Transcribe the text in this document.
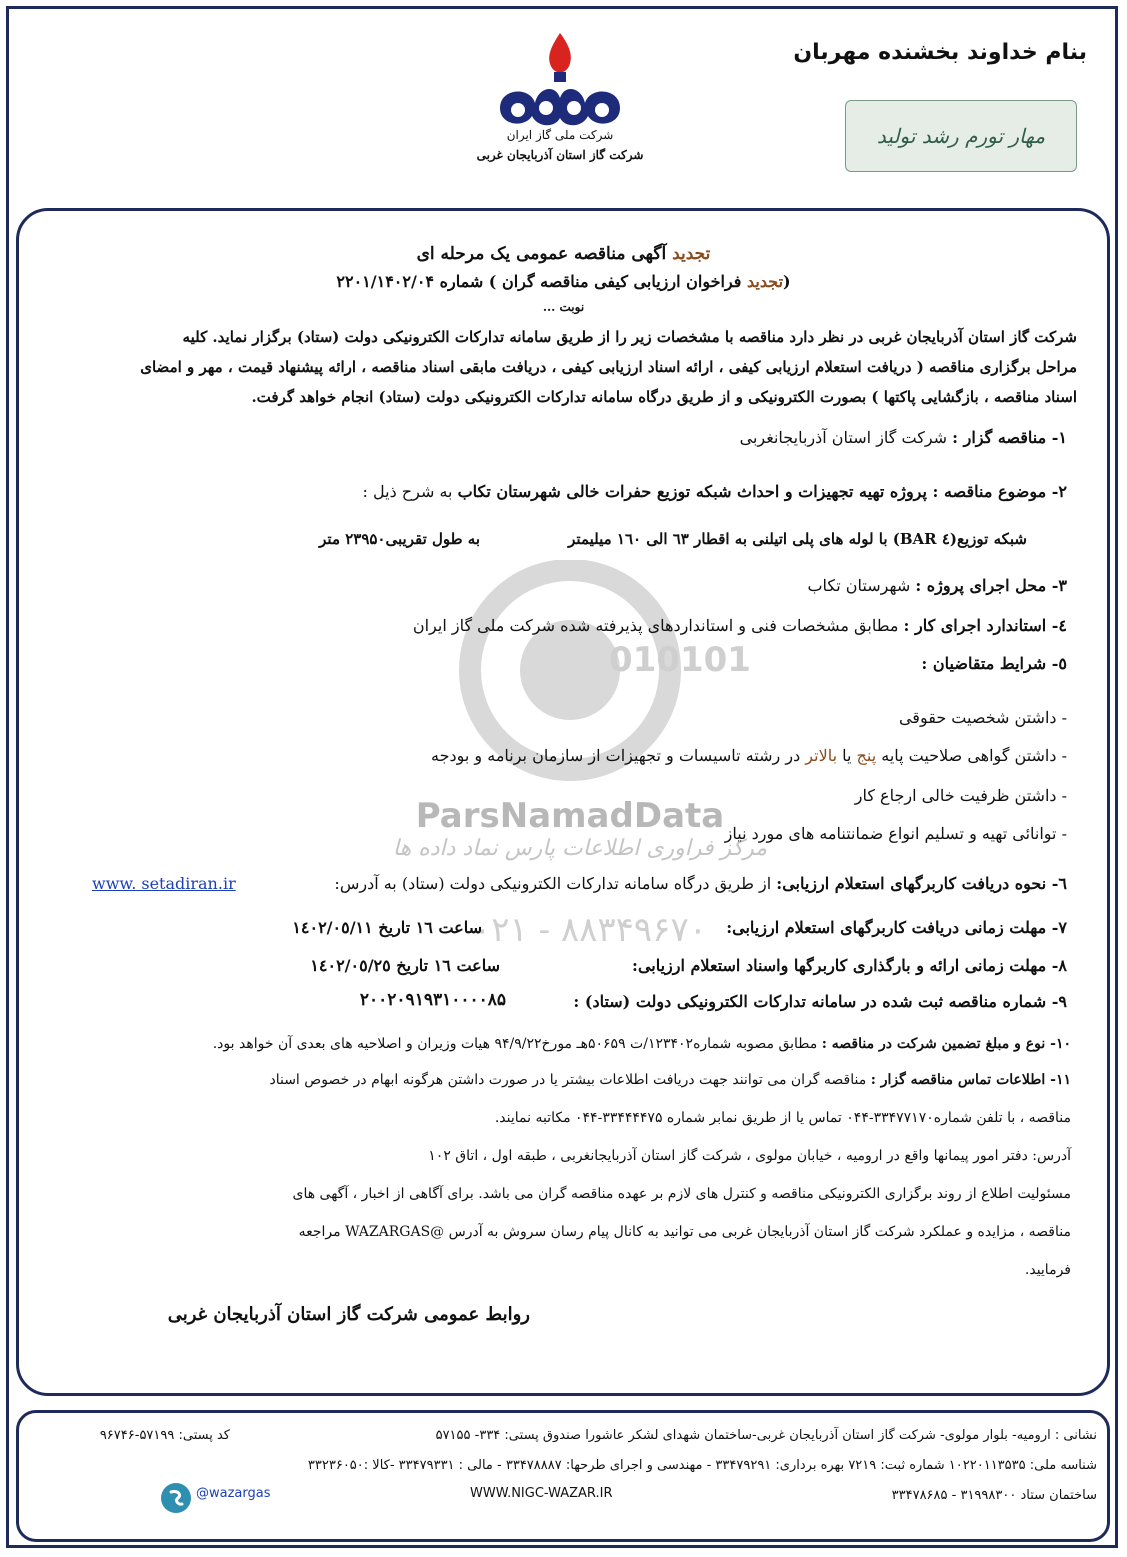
بنام خداوند بخشنده مهربان
مهار تورم رشد تولید
شرکت ملی گاز ایران
شرکت گاز استان آذربایجان غربی
ParsNamadData
مرکز فراوری اطلاعات پارس نماد داده ها
010101
۰۲۱ - ۸۸۳۴۹۶۷۰
تجدید آگهی مناقصه عمومی یک مرحله ای
(تجدید فراخوان ارزیابی کیفی مناقصه گران ) شماره ۲۲۰۱/۱۴۰۲/۰۴
نوبت ...
شرکت گاز استان آذربایجان غربی در نظر دارد مناقصه با مشخصات زیر را از طریق سامانه تدارکات الکترونیکی دولت (ستاد) برگزار نماید. کلیه
مراحل برگزاری مناقصه ( دریافت استعلام ارزیابی کیفی ، ارائه اسناد ارزیابی کیفی ، دریافت مابقی اسناد مناقصه ، ارائه پیشنهاد قیمت ، مهر و امضای
اسناد مناقصه ، بازگشایی پاکتها ) بصورت الکترونیکی و از طریق درگاه سامانه تدارکات الکترونیکی دولت (ستاد) انجام خواهد گرفت.
۱- مناقصه گزار : شرکت گاز استان آذربایجانغربی
۲- موضوع مناقصه : پروژه تهیه تجهیزات و احداث شبکه توزیع حفرات خالی شهرستان تکاب به شرح ذیل :
شبکه توزیع(٤ BAR) با لوله های پلی اتیلنی به اقطار ٦٣ الی ١٦٠ میلیمتر
به طول تقریبی۲۳۹۵۰ متر
۳- محل اجرای پروژه : شهرستان تکاب
٤- استاندارد اجرای کار : مطابق مشخصات فنی و استانداردهای پذیرفته شده شرکت ملی گاز ایران
٥- شرایط متقاضیان :
- داشتن شخصیت حقوقی
- داشتن گواهی صلاحیت پایه پنج یا بالاتر در رشته تاسیسات و تجهیزات از سازمان برنامه و بودجه
- داشتن ظرفیت خالی ارجاع کار
- توانائی تهیه و تسلیم انواع ضمانتنامه های مورد نیاز
٦- نحوه دریافت کاربرگهای استعلام ارزیابی: از طریق درگاه سامانه تدارکات الکترونیکی دولت (ستاد) به آدرس:
www. setadiran.ir
۷- مهلت زمانی دریافت کاربرگهای استعلام ارزیابی:
ساعت ١٦ تاریخ ١٤٠٢/٠٥/١١
۸- مهلت زمانی ارائه و بارگذاری کاربرگها واسناد استعلام ارزیابی:
ساعت ١٦ تاریخ ١٤٠٢/٠٥/٢٥
۹- شماره مناقصه ثبت شده در سامانه تدارکات الکترونیکی دولت (ستاد) :
۲۰۰۲۰۹۱۹۳۱۰۰۰۰۸۵
۱۰- نوع و مبلغ تضمین شرکت در مناقصه : مطابق مصوبه شماره۱۲۳۴۰۲/ت ۵۰۶۵۹هـ مورخ۹۴/۹/۲۲ هیات وزیران و اصلاحیه های بعدی آن خواهد بود.
۱۱- اطلاعات تماس مناقصه گزار : مناقصه گران می توانند جهت دریافت اطلاعات بیشتر یا در صورت داشتن هرگونه ابهام در خصوص اسناد
مناقصه ، با تلفن شماره۳۳۴۷۷۱۷۰-۰۴۴ تماس یا از طریق نمابر شماره ۳۳۴۴۴۴۷۵-۰۴۴ مکاتبه نمایند.
آدرس: دفتر امور پیمانها واقع در ارومیه ، خیابان مولوی ، شرکت گاز استان آذربایجانغربی ، طبقه اول ، اتاق ۱۰۲
مسئولیت اطلاع از روند برگزاری الکترونیکی مناقصه و کنترل های لازم بر عهده مناقصه گران می باشد. برای آگاهی از اخبار ، آگهی های
مناقصه ، مزایده و عملکرد شرکت گاز استان آذربایجان غربی می توانید به کانال پیام رسان سروش به آدرس @WAZARGAS مراجعه
فرمایید.
روابط عمومی شرکت گاز استان آذربایجان غربی
نشانی : ارومیه- بلوار مولوی- شرکت گاز استان آذربایجان غربی-ساختمان شهدای لشکر عاشورا صندوق پستی: ۳۳۴- ۵۷۱۵۵
کد پستی: ۵۷۱۹۹-۹۶۷۴۶
شناسه ملی: ۱۰۲۲۰۱۱۳۵۳۵ شماره ثبت: ۷۲۱۹ بهره برداری: ۳۳۴۷۹۲۹۱ - مهندسی و اجرای طرحها: ۳۳۴۷۸۸۸۷ - مالی : ۳۳۴۷۹۳۳۱ -کالا :۳۳۲۳۶۰۵۰
ساختمان ستاد ۳۱۹۹۸۳۰۰ - ۳۳۴۷۸۶۸۵
WWW.NIGC-WAZAR.IR
@wazargas
